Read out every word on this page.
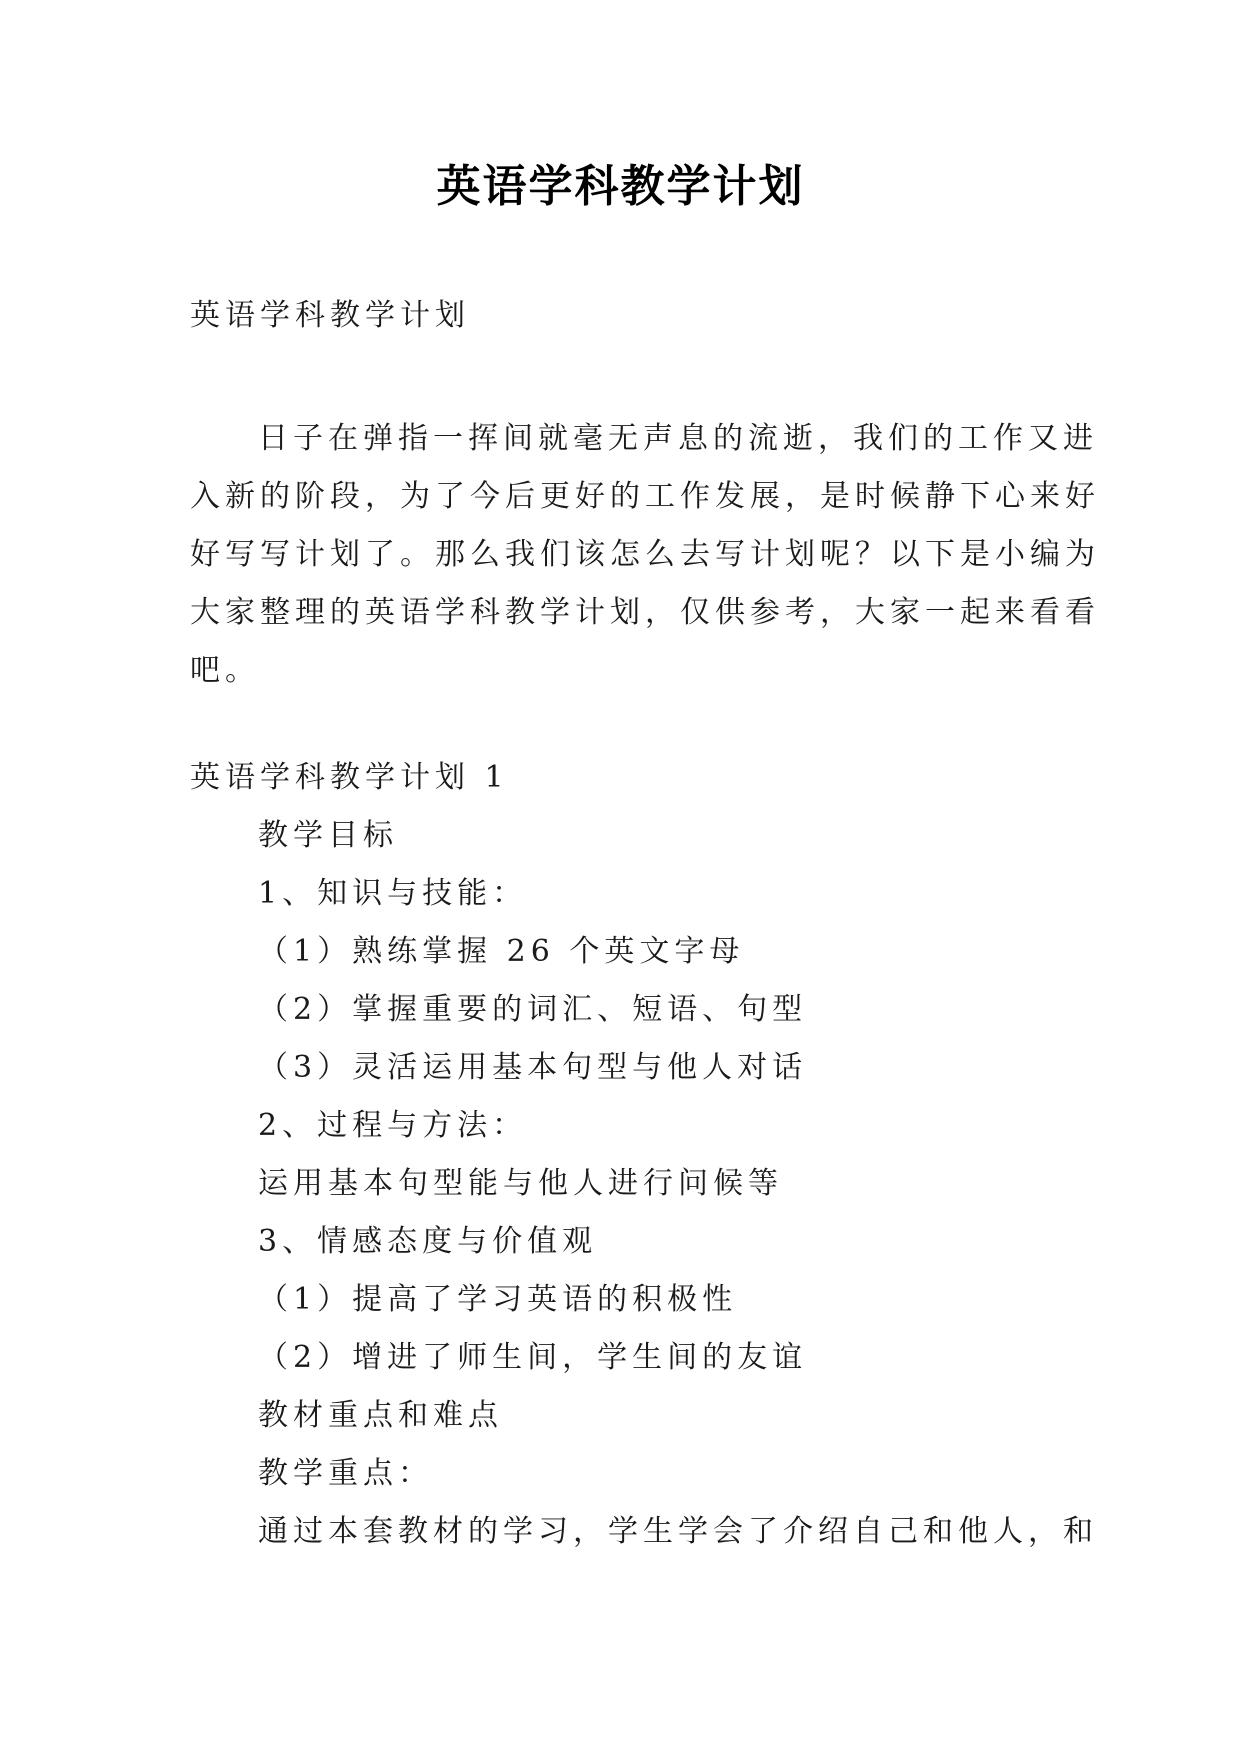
英语学科教学计划
英语学科教学计划
日子在弹指一挥间就毫无声息的流逝，我们的工作又进
入新的阶段，为了今后更好的工作发展，是时候静下心来好
好写写计划了。那么我们该怎么去写计划呢？以下是小编为
大家整理的英语学科教学计划，仅供参考，大家一起来看看
吧。
英语学科教学计划 1
教学目标
1、知识与技能：
（1）熟练掌握 26 个英文字母
（2）掌握重要的词汇、短语、句型
（3）灵活运用基本句型与他人对话
2、过程与方法：
运用基本句型能与他人进行问候等
3、情感态度与价值观
（1）提高了学习英语的积极性
（2）增进了师生间，学生间的友谊
教材重点和难点
教学重点：
通过本套教材的学习，学生学会了介绍自己和他人，和
